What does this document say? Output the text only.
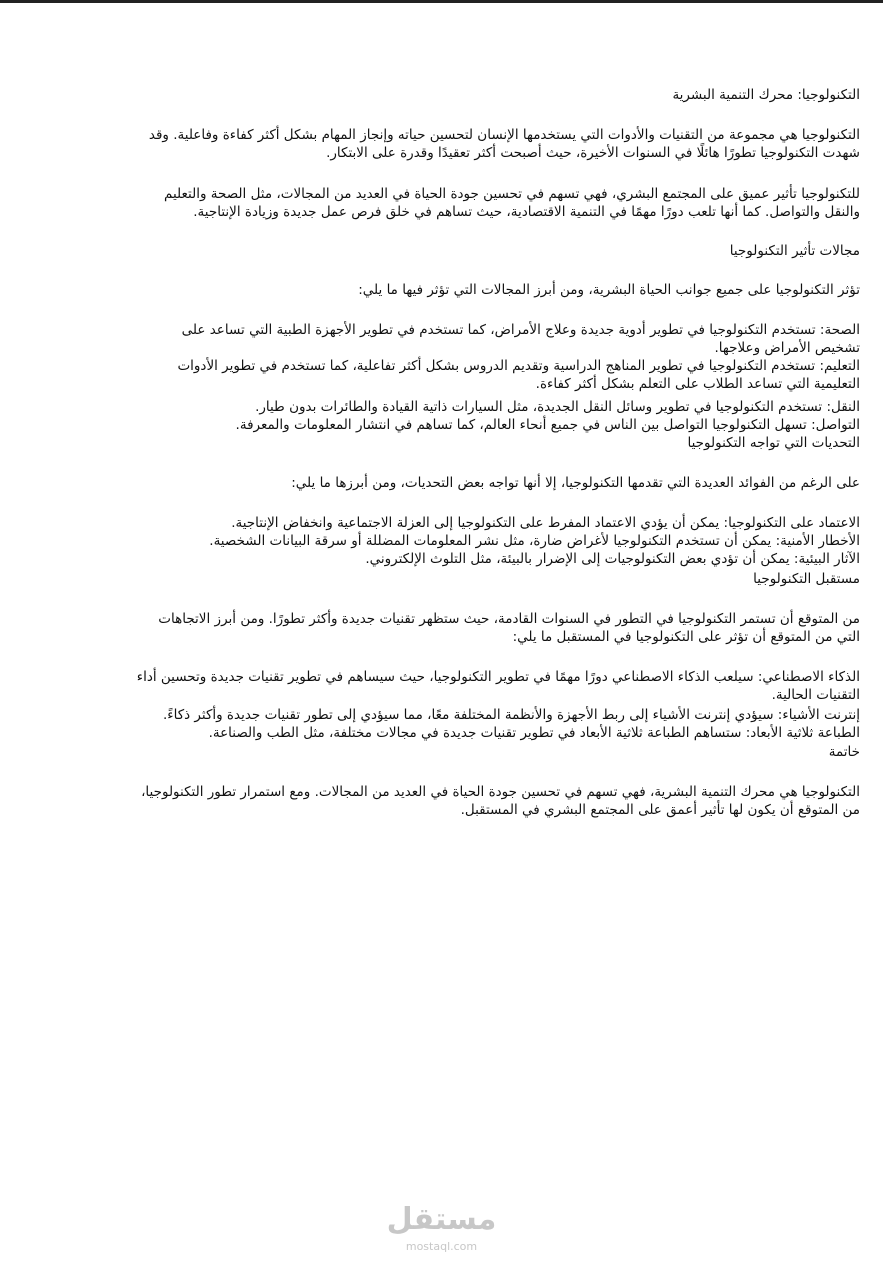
التكنولوجيا: محرك التنمية البشرية
التكنولوجيا هي مجموعة من التقنيات والأدوات التي يستخدمها الإنسان لتحسين حياته وإنجاز المهام بشكل أكثر كفاءة وفاعلية. وقد
شهدت التكنولوجيا تطورًا هائلًا في السنوات الأخيرة، حيث أصبحت أكثر تعقيدًا وقدرة على الابتكار.
للتكنولوجيا تأثير عميق على المجتمع البشري، فهي تسهم في تحسين جودة الحياة في العديد من المجالات، مثل الصحة والتعليم
والنقل والتواصل. كما أنها تلعب دورًا مهمًا في التنمية الاقتصادية، حيث تساهم في خلق فرص عمل جديدة وزيادة الإنتاجية.
مجالات تأثير التكنولوجيا
تؤثر التكنولوجيا على جميع جوانب الحياة البشرية، ومن أبرز المجالات التي تؤثر فيها ما يلي:
الصحة: تستخدم التكنولوجيا في تطوير أدوية جديدة وعلاج الأمراض، كما تستخدم في تطوير الأجهزة الطبية التي تساعد على
تشخيص الأمراض وعلاجها.
التعليم: تستخدم التكنولوجيا في تطوير المناهج الدراسية وتقديم الدروس بشكل أكثر تفاعلية، كما تستخدم في تطوير الأدوات
التعليمية التي تساعد الطلاب على التعلم بشكل أكثر كفاءة.
النقل: تستخدم التكنولوجيا في تطوير وسائل النقل الجديدة، مثل السيارات ذاتية القيادة والطائرات بدون طيار.
التواصل: تسهل التكنولوجيا التواصل بين الناس في جميع أنحاء العالم، كما تساهم في انتشار المعلومات والمعرفة.
التحديات التي تواجه التكنولوجيا
على الرغم من الفوائد العديدة التي تقدمها التكنولوجيا، إلا أنها تواجه بعض التحديات، ومن أبرزها ما يلي:
الاعتماد على التكنولوجيا: يمكن أن يؤدي الاعتماد المفرط على التكنولوجيا إلى العزلة الاجتماعية وانخفاض الإنتاجية.
الأخطار الأمنية: يمكن أن تستخدم التكنولوجيا لأغراض ضارة، مثل نشر المعلومات المضللة أو سرقة البيانات الشخصية.
الآثار البيئية: يمكن أن تؤدي بعض التكنولوجيات إلى الإضرار بالبيئة، مثل التلوث الإلكتروني.
مستقبل التكنولوجيا
من المتوقع أن تستمر التكنولوجيا في التطور في السنوات القادمة، حيث ستظهر تقنيات جديدة وأكثر تطورًا. ومن أبرز الاتجاهات
التي من المتوقع أن تؤثر على التكنولوجيا في المستقبل ما يلي:
الذكاء الاصطناعي: سيلعب الذكاء الاصطناعي دورًا مهمًا في تطوير التكنولوجيا، حيث سيساهم في تطوير تقنيات جديدة وتحسين أداء
التقنيات الحالية.
إنترنت الأشياء: سيؤدي إنترنت الأشياء إلى ربط الأجهزة والأنظمة المختلفة معًا، مما سيؤدي إلى تطور تقنيات جديدة وأكثر ذكاءً.
الطباعة ثلاثية الأبعاد: ستساهم الطباعة ثلاثية الأبعاد في تطوير تقنيات جديدة في مجالات مختلفة، مثل الطب والصناعة.
خاتمة
التكنولوجيا هي محرك التنمية البشرية، فهي تسهم في تحسين جودة الحياة في العديد من المجالات. ومع استمرار تطور التكنولوجيا،
من المتوقع أن يكون لها تأثير أعمق على المجتمع البشري في المستقبل.
مستقل
mostaql.com
